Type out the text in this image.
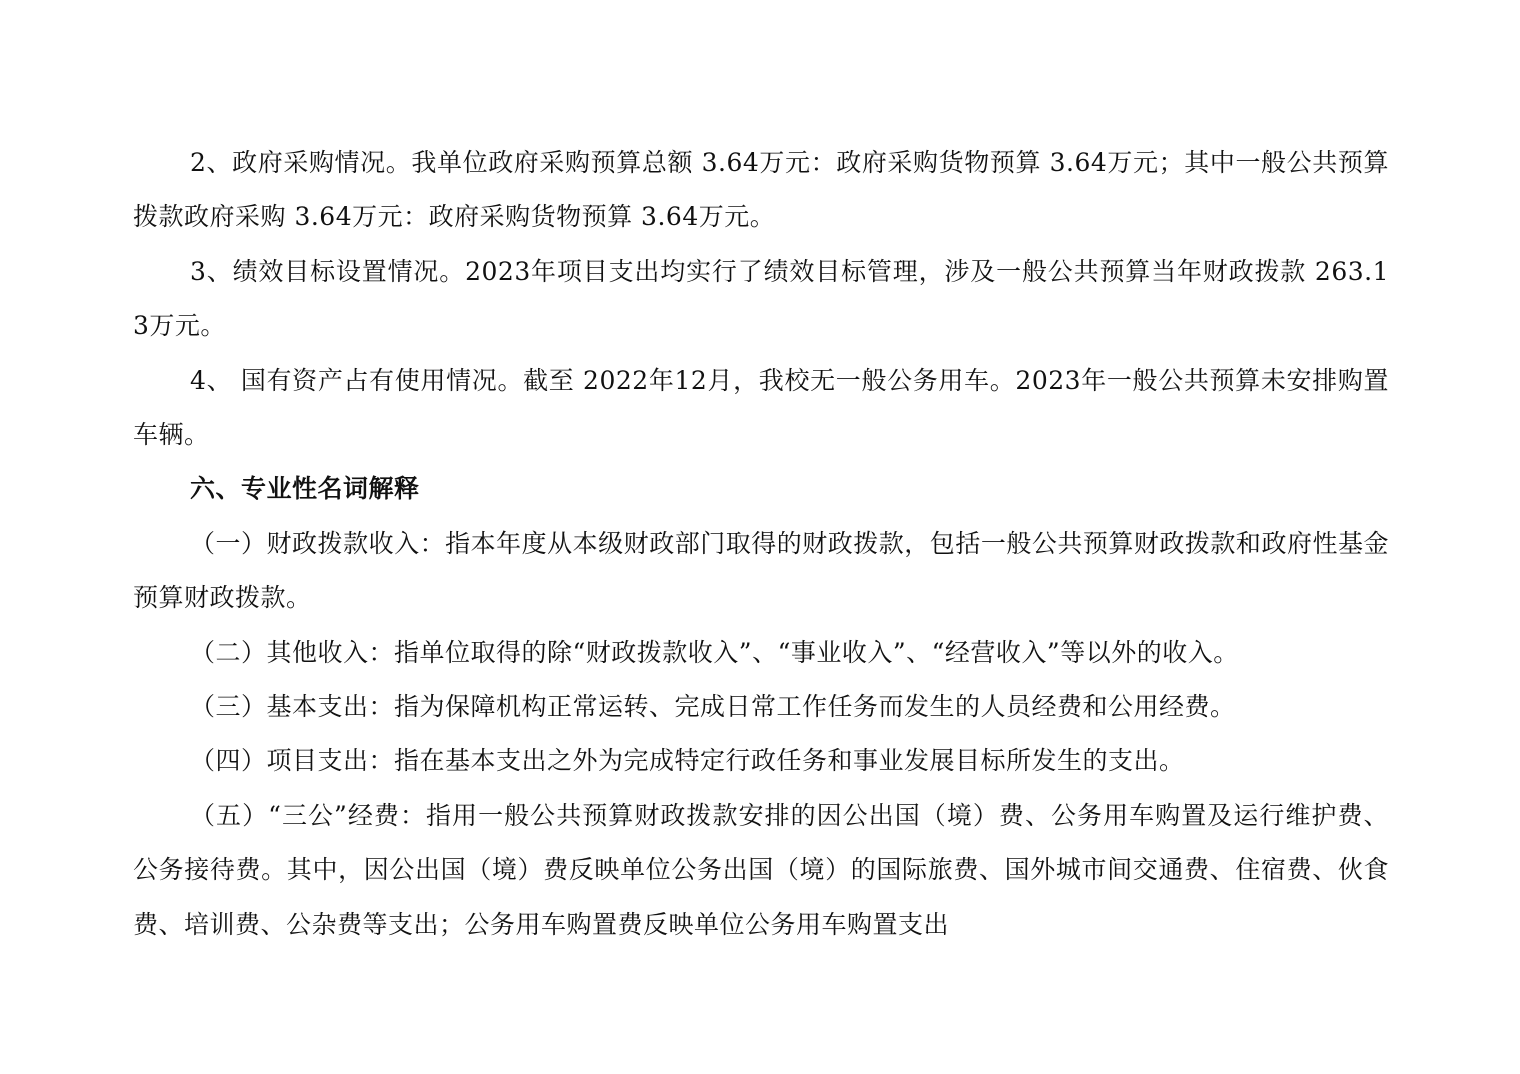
2、政府采购情况。我单位政府采购预算总额 3.64万元：政府采购货物预算 3.64万元；其中一般公共预算拨款政府采购 3.64万元：政府采购货物预算 3.64万元。

3、绩效目标设置情况。2023年项目支出均实行了绩效目标管理，涉及一般公共预算当年财政拨款 263.13万元。

4、 国有资产占有使用情况。截至 2022年12月，我校无一般公务用车。2023年一般公共预算未安排购置车辆。

六、专业性名词解释

（一）财政拨款收入：指本年度从本级财政部门取得的财政拨款，包括一般公共预算财政拨款和政府性基金预算财政拨款。

（二）其他收入：指单位取得的除“财政拨款收入”、“事业收入”、“经营收入”等以外的收入。

（三）基本支出：指为保障机构正常运转、完成日常工作任务而发生的人员经费和公用经费。

（四）项目支出：指在基本支出之外为完成特定行政任务和事业发展目标所发生的支出。

（五）“三公”经费：指用一般公共预算财政拨款安排的因公出国（境）费、公务用车购置及运行维护费、 公务接待费。其中，因公出国（境）费反映单位公务出国（境）的国际旅费、国外城市间交通费、住宿费、伙食 费、培训费、公杂费等支出；公务用车购置费反映单位公务用车购置支出
